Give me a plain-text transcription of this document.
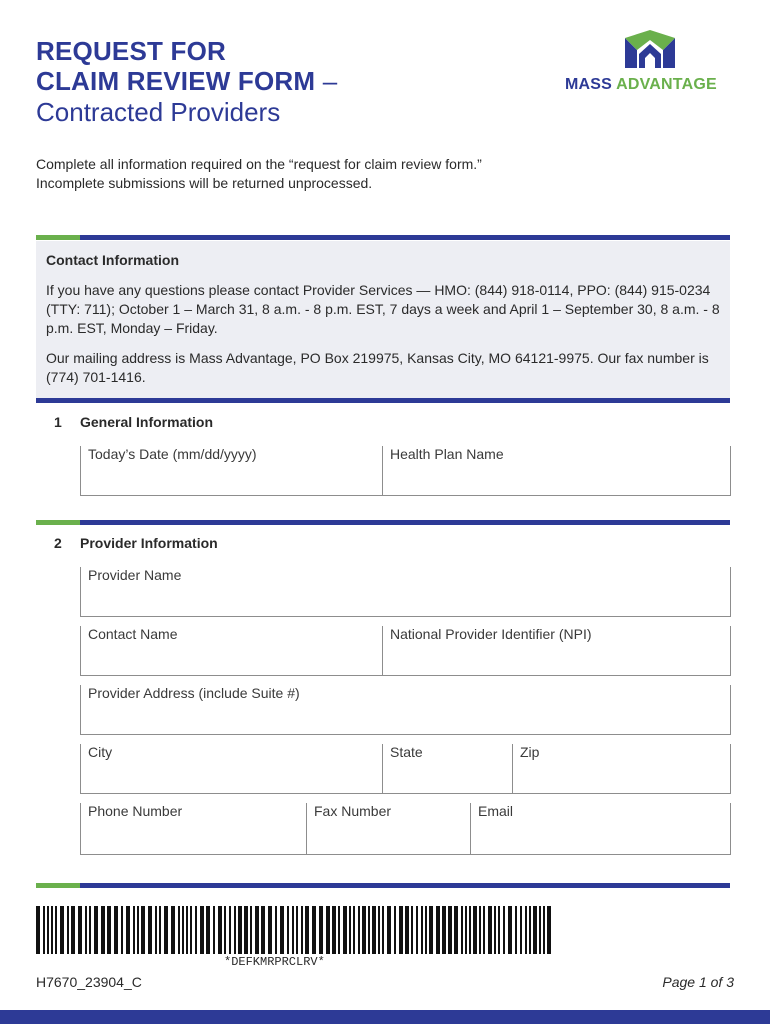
REQUEST FOR
CLAIM REVIEW FORM –
Contracted Providers
MASS ADVANTAGE

Complete all information required on the “request for claim review form.”

Incomplete submissions will be returned unprocessed.

Contact Information
If you have any questions please contact Provider Services — HMO: (844) 918-0114, PPO: (844) 915-0234 (TTY: 711); October 1 – March 31, 8 a.m. - 8 p.m. EST, 7 days a week and April 1 – September 30, 8 a.m. - 8 p.m. EST, Monday – Friday.
Our mailing address is Mass Advantage, PO Box 219975, Kansas City, MO 64121-9975. Our fax number is (774) 701-1416.
1 General Information
Today’s Date (mm/dd/yyyy)	Health Plan Name
2 Provider Information
Provider Name
Contact Name	National Provider Identifier (NPI)
Provider Address (include Suite #)
City	State	Zip
Phone Number	Fax Number	Email
*DEFKMRPRCLRV*
H7670_23904_C	Page 1 of 3
